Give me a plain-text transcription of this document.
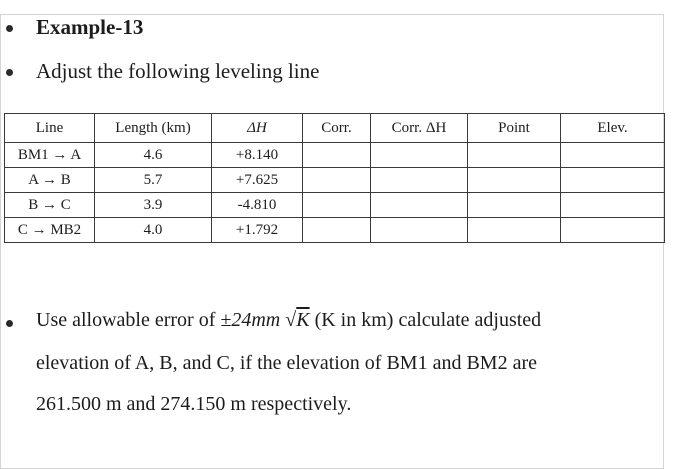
Example-13
Adjust the following leveling line
Line	Length (km)	ΔH	Corr.	Corr. ΔH	Point	Elev.
BM1 → A	4.6	+8.140				
A → B	5.7	+7.625				
B → C	3.9	-4.810				
C → MB2	4.0	+1.792				
Use allowable error of ±24mm √K (K in km) calculate adjusted
elevation of A, B, and C, if the elevation of BM1 and BM2 are
261.500 m and 274.150 m respectively.
